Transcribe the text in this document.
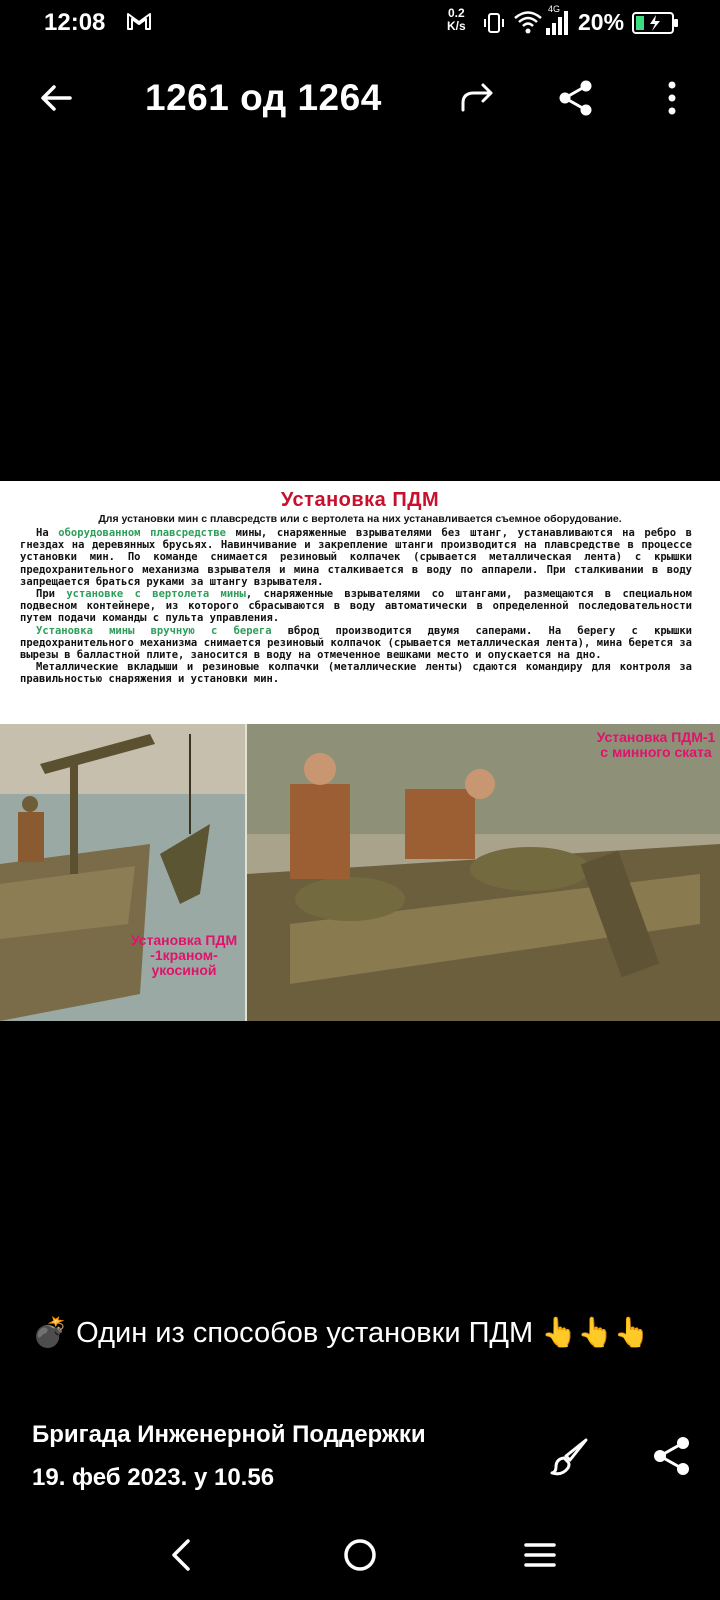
12:08	0.2
K/s
4G 20%
1261 од 1264
Установка ПДМ
Для установки мин с плавсредств или с вертолета на них устанавливается съемное оборудование.

На оборудованном плавсредстве мины, снаряженные взрывателями без штанг, устанавливаются на ребро в гнездах на деревянных брусьях. Навинчивание и закрепление штанги производится на плавсредстве в процессе установки мин. По команде снимается резиновый колпачек (срывается металлическая лента) с крышки предохранительного механизма взрывателя и мина сталкивается в воду по аппарели. При сталкивании в воду запрещается браться руками за штангу взрывателя.

При установке с вертолета мины, снаряженные взрывателями со штангами, размещаются в специальном подвесном контейнере, из которого сбрасываются в воду автоматически в определенной последовательности путем подачи команды с пульта управления.

Установка мины вручную с берега вброд производится двумя саперами. На берегу с крышки предохранительного механизма снимается резиновый колпачок (срывается металлическая лента), мина берется за вырезы в балластной плите, заносится в воду на отмеченное вешками место и опускается на дно.

Металлические вкладыши и резиновые колпачки (металлические ленты) сдаются командиру для контроля за правильностью снаряжения и установки мин.

Установка ПДМ -1краном-укосиной
Установка ПДМ-1 с минного ската
💣 Один из способов установки ПДМ 👆👆👆
Бригада Инженерной Поддержки
19. феб 2023. у 10.56
